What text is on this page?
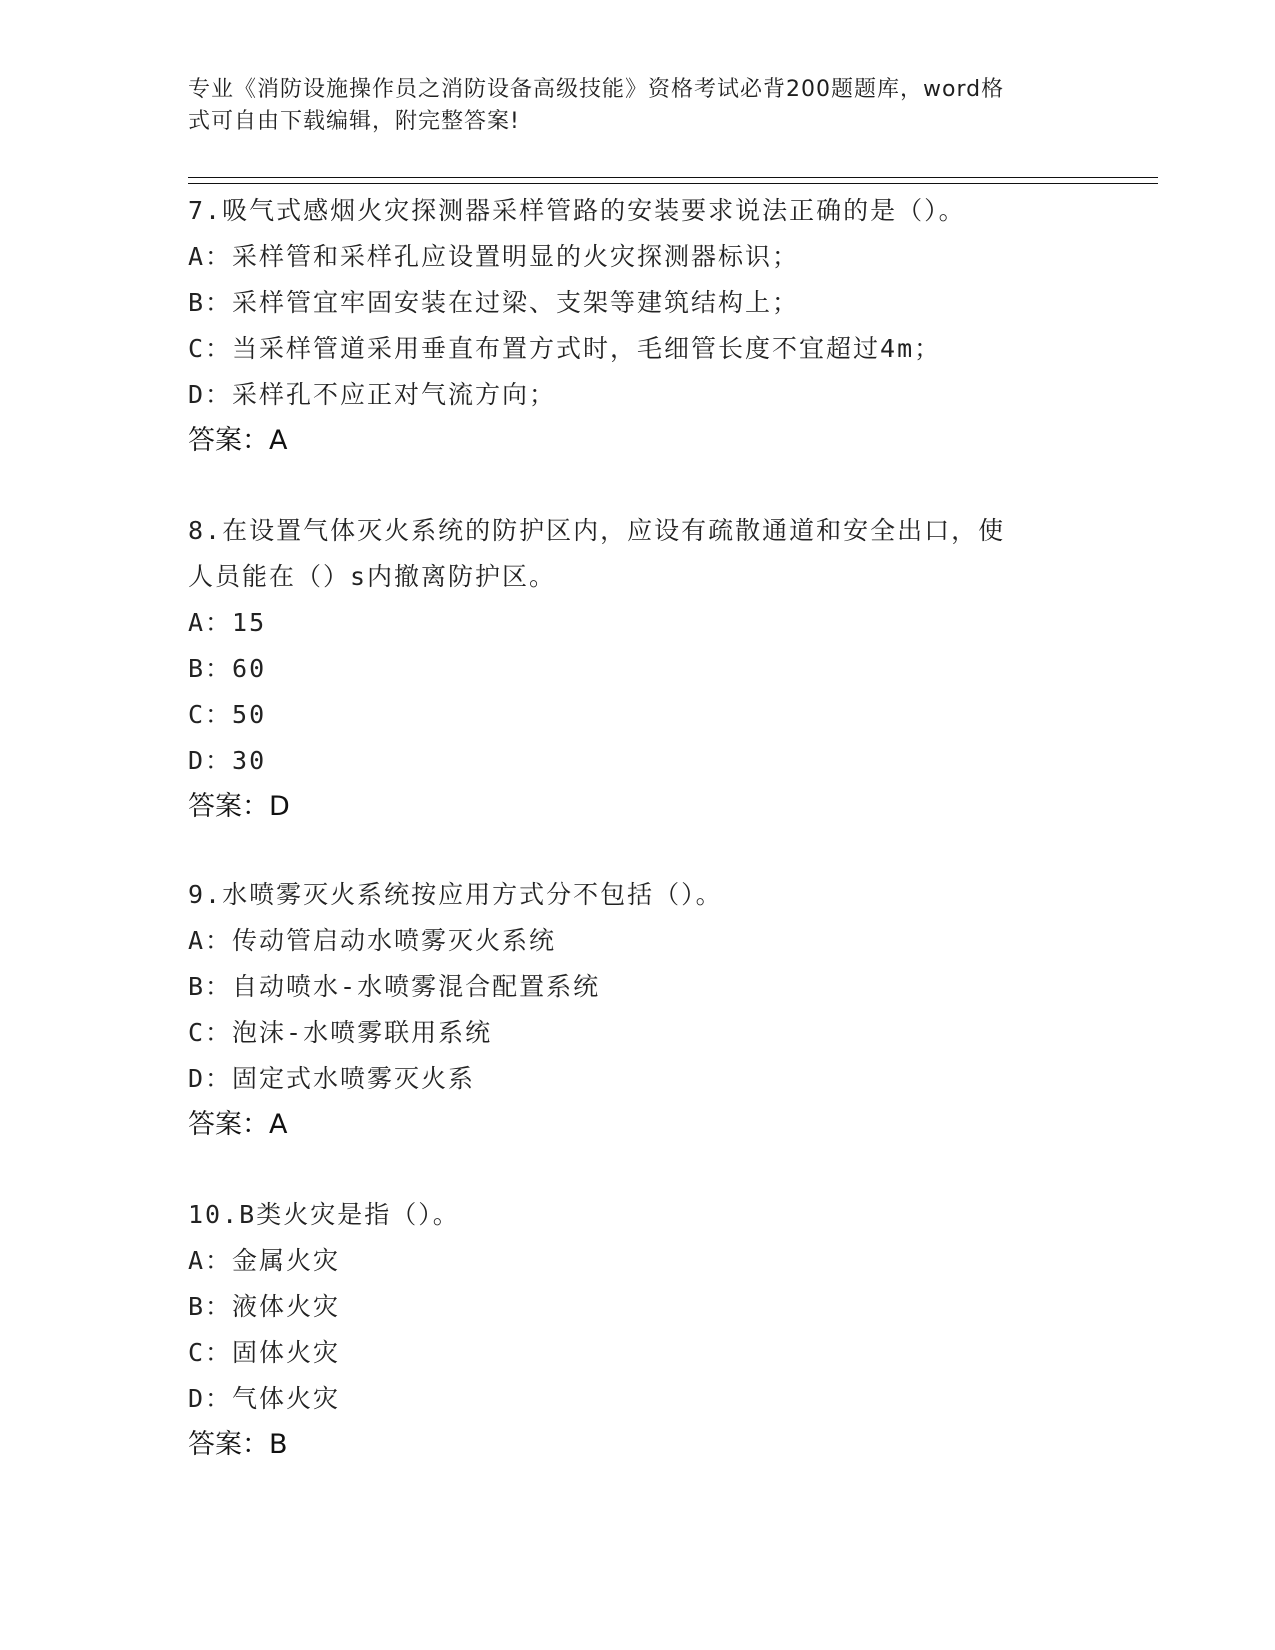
专业《消防设施操作员之消防设备高级技能》资格考试必背200题题库，word格
式可自由下载编辑，附完整答案!
7.吸气式感烟火灾探测器采样管路的安装要求说法正确的是（）。
A：采样管和采样孔应设置明显的火灾探测器标识；
B：采样管宜牢固安装在过梁、支架等建筑结构上；
C：当采样管道采用垂直布置方式时，毛细管长度不宜超过4m；
D：采样孔不应正对气流方向；
答案：A
8.在设置气体灭火系统的防护区内，应设有疏散通道和安全出口，使
人员能在（）s内撤离防护区。
A：15
B：60
C：50
D：30
答案：D
9.水喷雾灭火系统按应用方式分不包括（）。
A：传动管启动水喷雾灭火系统
B：自动喷水-水喷雾混合配置系统
C：泡沫-水喷雾联用系统
D：固定式水喷雾灭火系
答案：A
10.B类火灾是指（）。
A：金属火灾
B：液体火灾
C：固体火灾
D：气体火灾
答案：B
